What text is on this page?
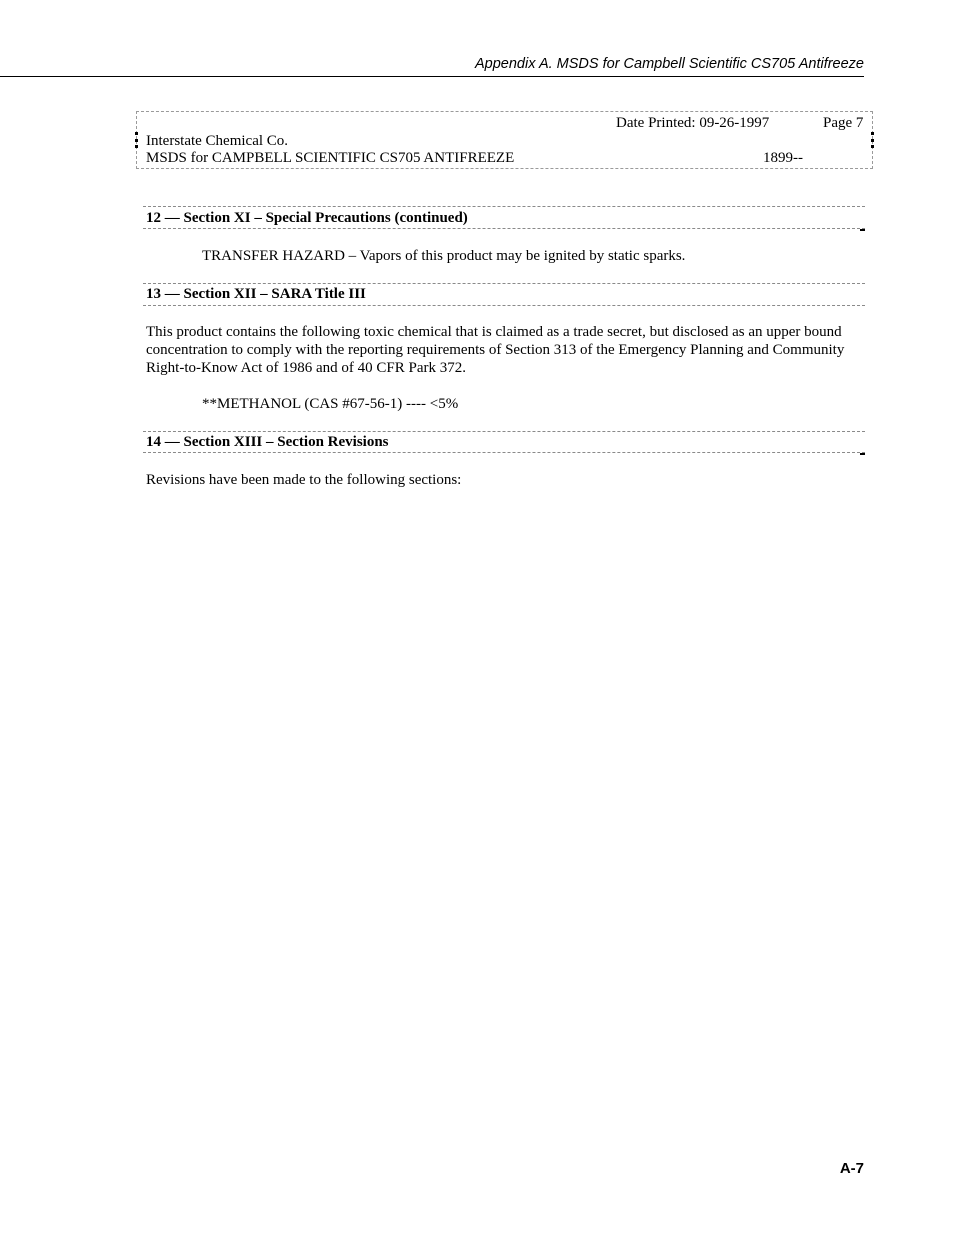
Appendix A. MSDS for Campbell Scientific CS705 Antifreeze
Date Printed: 09-26-1997	Page 7
Interstate Chemical Co.
MSDS for CAMPBELL SCIENTIFIC CS705 ANTIFREEZE	1899--
12 — Section XI – Special Precautions (continued)
TRANSFER HAZARD – Vapors of this product may be ignited by static sparks.
13 — Section XII – SARA Title III
This product contains the following toxic chemical that is claimed as a trade secret, but disclosed as an upper bound concentration to comply with the reporting requirements of Section 313 of the Emergency Planning and Community Right-to-Know Act of 1986 and of 40 CFR Park 372.
**METHANOL (CAS #67-56-1) ---- <5%
14 — Section XIII – Section Revisions
Revisions have been made to the following sections:
A-7
